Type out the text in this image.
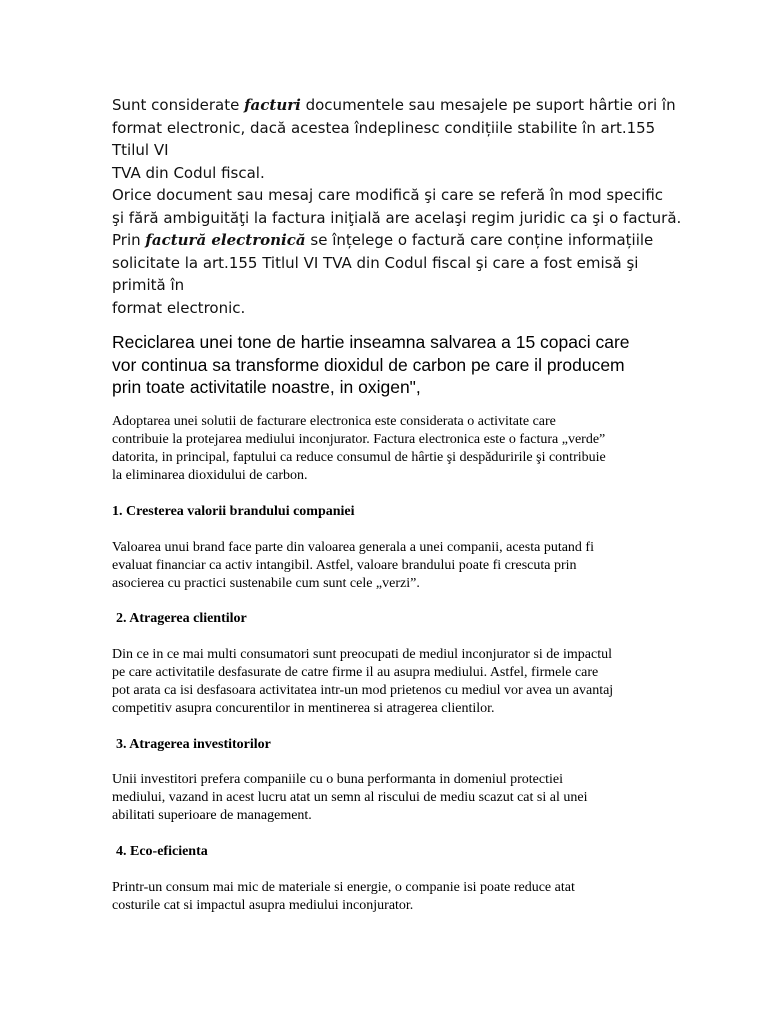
Sunt considerate facturi documentele sau mesajele pe suport hârtie ori în
format electronic, dacă acestea îndeplinesc condițiile stabilite în art.155
Ttilul VI
TVA din Codul fiscal.
Orice document sau mesaj care modifică şi care se referă în mod specific
şi fără ambiguităţi la factura iniţială are acelaşi regim juridic ca şi o factură.
Prin factură electronică se înțelege o factură care conține informațiile
solicitate la art.155 Titlul VI TVA din Codul fiscal şi care a fost emisă şi
primită în
format electronic.
Reciclarea unei tone de hartie inseamna salvarea a 15 copaci care
vor continua sa transforme dioxidul de carbon pe care il producem
prin toate activitatile noastre, in oxigen",
Adoptarea unei solutii de facturare electronica este considerata o activitate care
contribuie la protejarea mediului inconjurator. Factura electronica este o factura „verde”
datorita, in principal, faptului ca reduce consumul de hârtie şi despăduririle şi contribuie
la eliminarea dioxidului de carbon.
1. Cresterea valorii brandului companiei
Valoarea unui brand face parte din valoarea generala a unei companii, acesta putand fi
evaluat financiar ca activ intangibil. Astfel, valoare brandului poate fi crescuta prin
asocierea cu practici sustenabile cum sunt cele „verzi”.
2. Atragerea clientilor
Din ce in ce mai multi consumatori sunt preocupati de mediul inconjurator si de impactul
pe care activitatile desfasurate de catre firme il au asupra mediului. Astfel, firmele care
pot arata ca isi desfasoara activitatea intr-un mod prietenos cu mediul vor avea un avantaj
competitiv asupra concurentilor in mentinerea si atragerea clientilor.
3. Atragerea investitorilor
Unii investitori prefera companiile cu o buna performanta in domeniul protectiei
mediului, vazand in acest lucru atat un semn al riscului de mediu scazut cat si al unei
abilitati superioare de management.
4. Eco-eficienta
Printr-un consum mai mic de materiale si energie, o companie isi poate reduce atat
costurile cat si impactul asupra mediului inconjurator.
